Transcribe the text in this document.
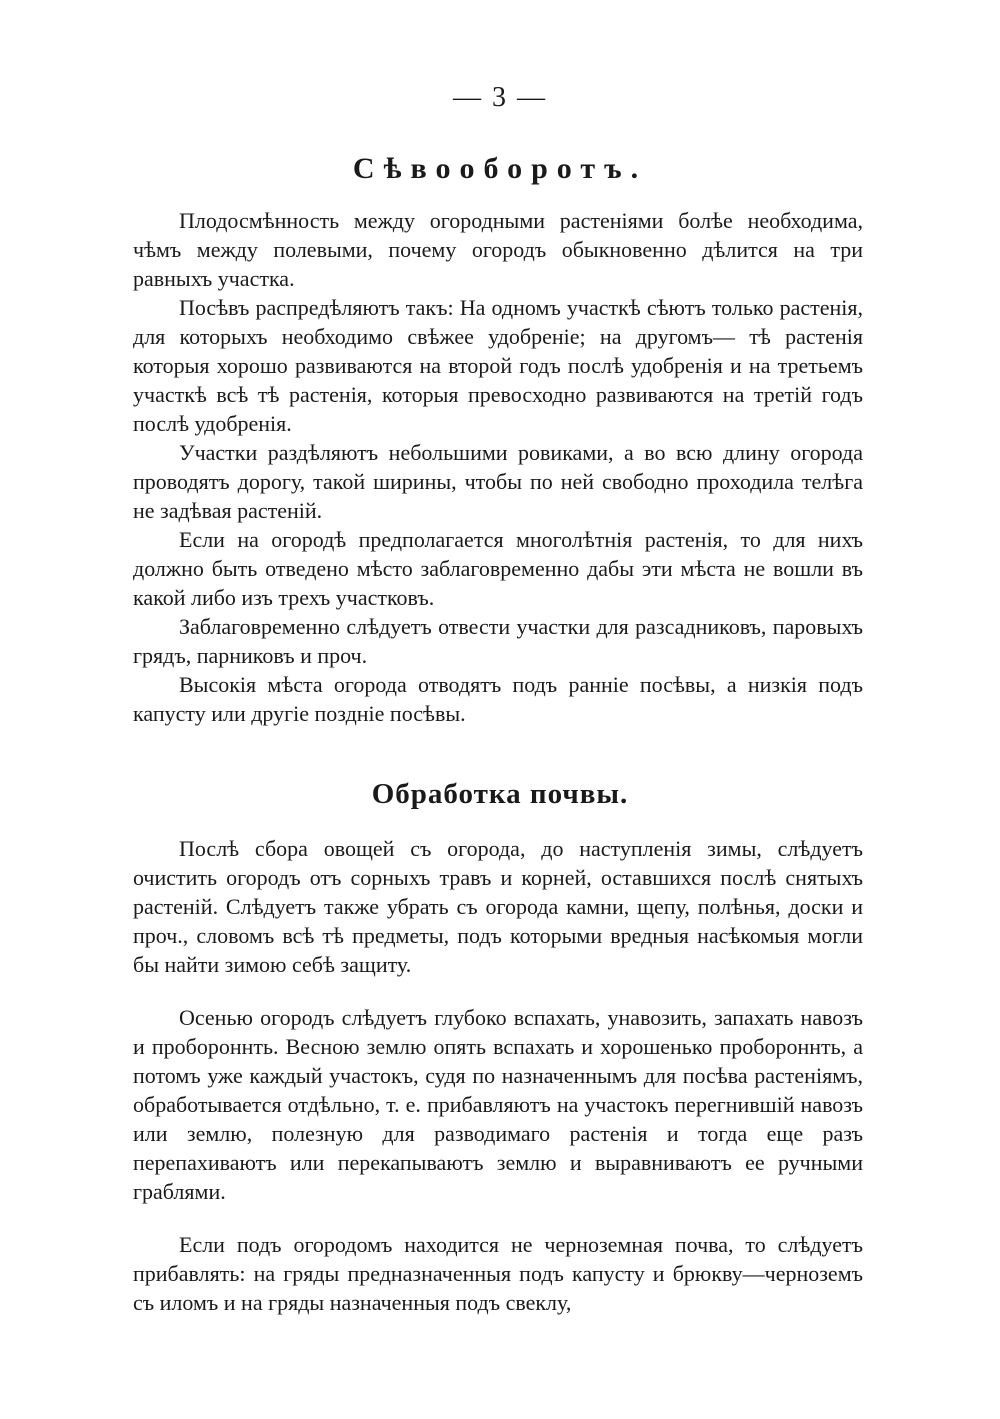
— 3 —
Сѣвооборотъ.

Плодосмѣнность между огородными растеніями болѣе необходима, чѣмъ между полевыми, почему огородъ обыкновенно дѣлится на три равныхъ участка.

Посѣвъ распредѣляютъ такъ: На одномъ участкѣ сѣютъ только растенія, для которыхъ необходимо свѣжее удобреніе; на другомъ— тѣ растенія которыя хорошо развиваются на второй годъ послѣ удобренія и на третьемъ участкѣ всѣ тѣ растенія, которыя превосходно развиваются на третій годъ послѣ удобренія.

Участки раздѣляютъ небольшими ровиками, а во всю длину огорода проводятъ дорогу, такой ширины, чтобы по ней свободно проходила телѣга не задѣвая растеній.

Если на огородѣ предполагается многолѣтнія растенія, то для нихъ должно быть отведено мѣсто заблаговременно дабы эти мѣста не вошли въ какой либо изъ трехъ участковъ.

Заблаговременно слѣдуетъ отвести участки для разсадниковъ, паровыхъ грядъ, парниковъ и проч.

Высокія мѣста огорода отводятъ подъ ранніе посѣвы, а низкія подъ капусту или другіе поздніе посѣвы.

Обработка почвы.

Послѣ сбора овощей съ огорода, до наступленія зимы, слѣдуетъ очистить огородъ отъ сорныхъ травъ и корней, оставшихся послѣ снятыхъ растеній. Слѣдуетъ также убрать съ огорода камни, щепу, полѣнья, доски и проч., словомъ всѣ тѣ предметы, подъ которыми вредныя насѣкомыя могли бы найти зимою себѣ защиту.

Осенью огородъ слѣдуетъ глубоко вспахать, унавозить, запахать навозъ и пробороннть. Весною землю опять вспахать и хорошенько пробороннть, а потомъ уже каждый участокъ, судя по назначеннымъ для посѣва растеніямъ, обработывается отдѣльно, т. е. прибавляютъ на участокъ перегнившій навозъ или землю, полезную для разводимаго растенія и тогда еще разъ перепахиваютъ или перекапываютъ землю и выравниваютъ ее ручными граблями.

Если подъ огородомъ находится не черноземная почва, то слѣдуетъ прибавлять: на гряды предназначенныя подъ капусту и брюкву—черноземъ съ иломъ и на гряды назначенныя подъ свеклу,
